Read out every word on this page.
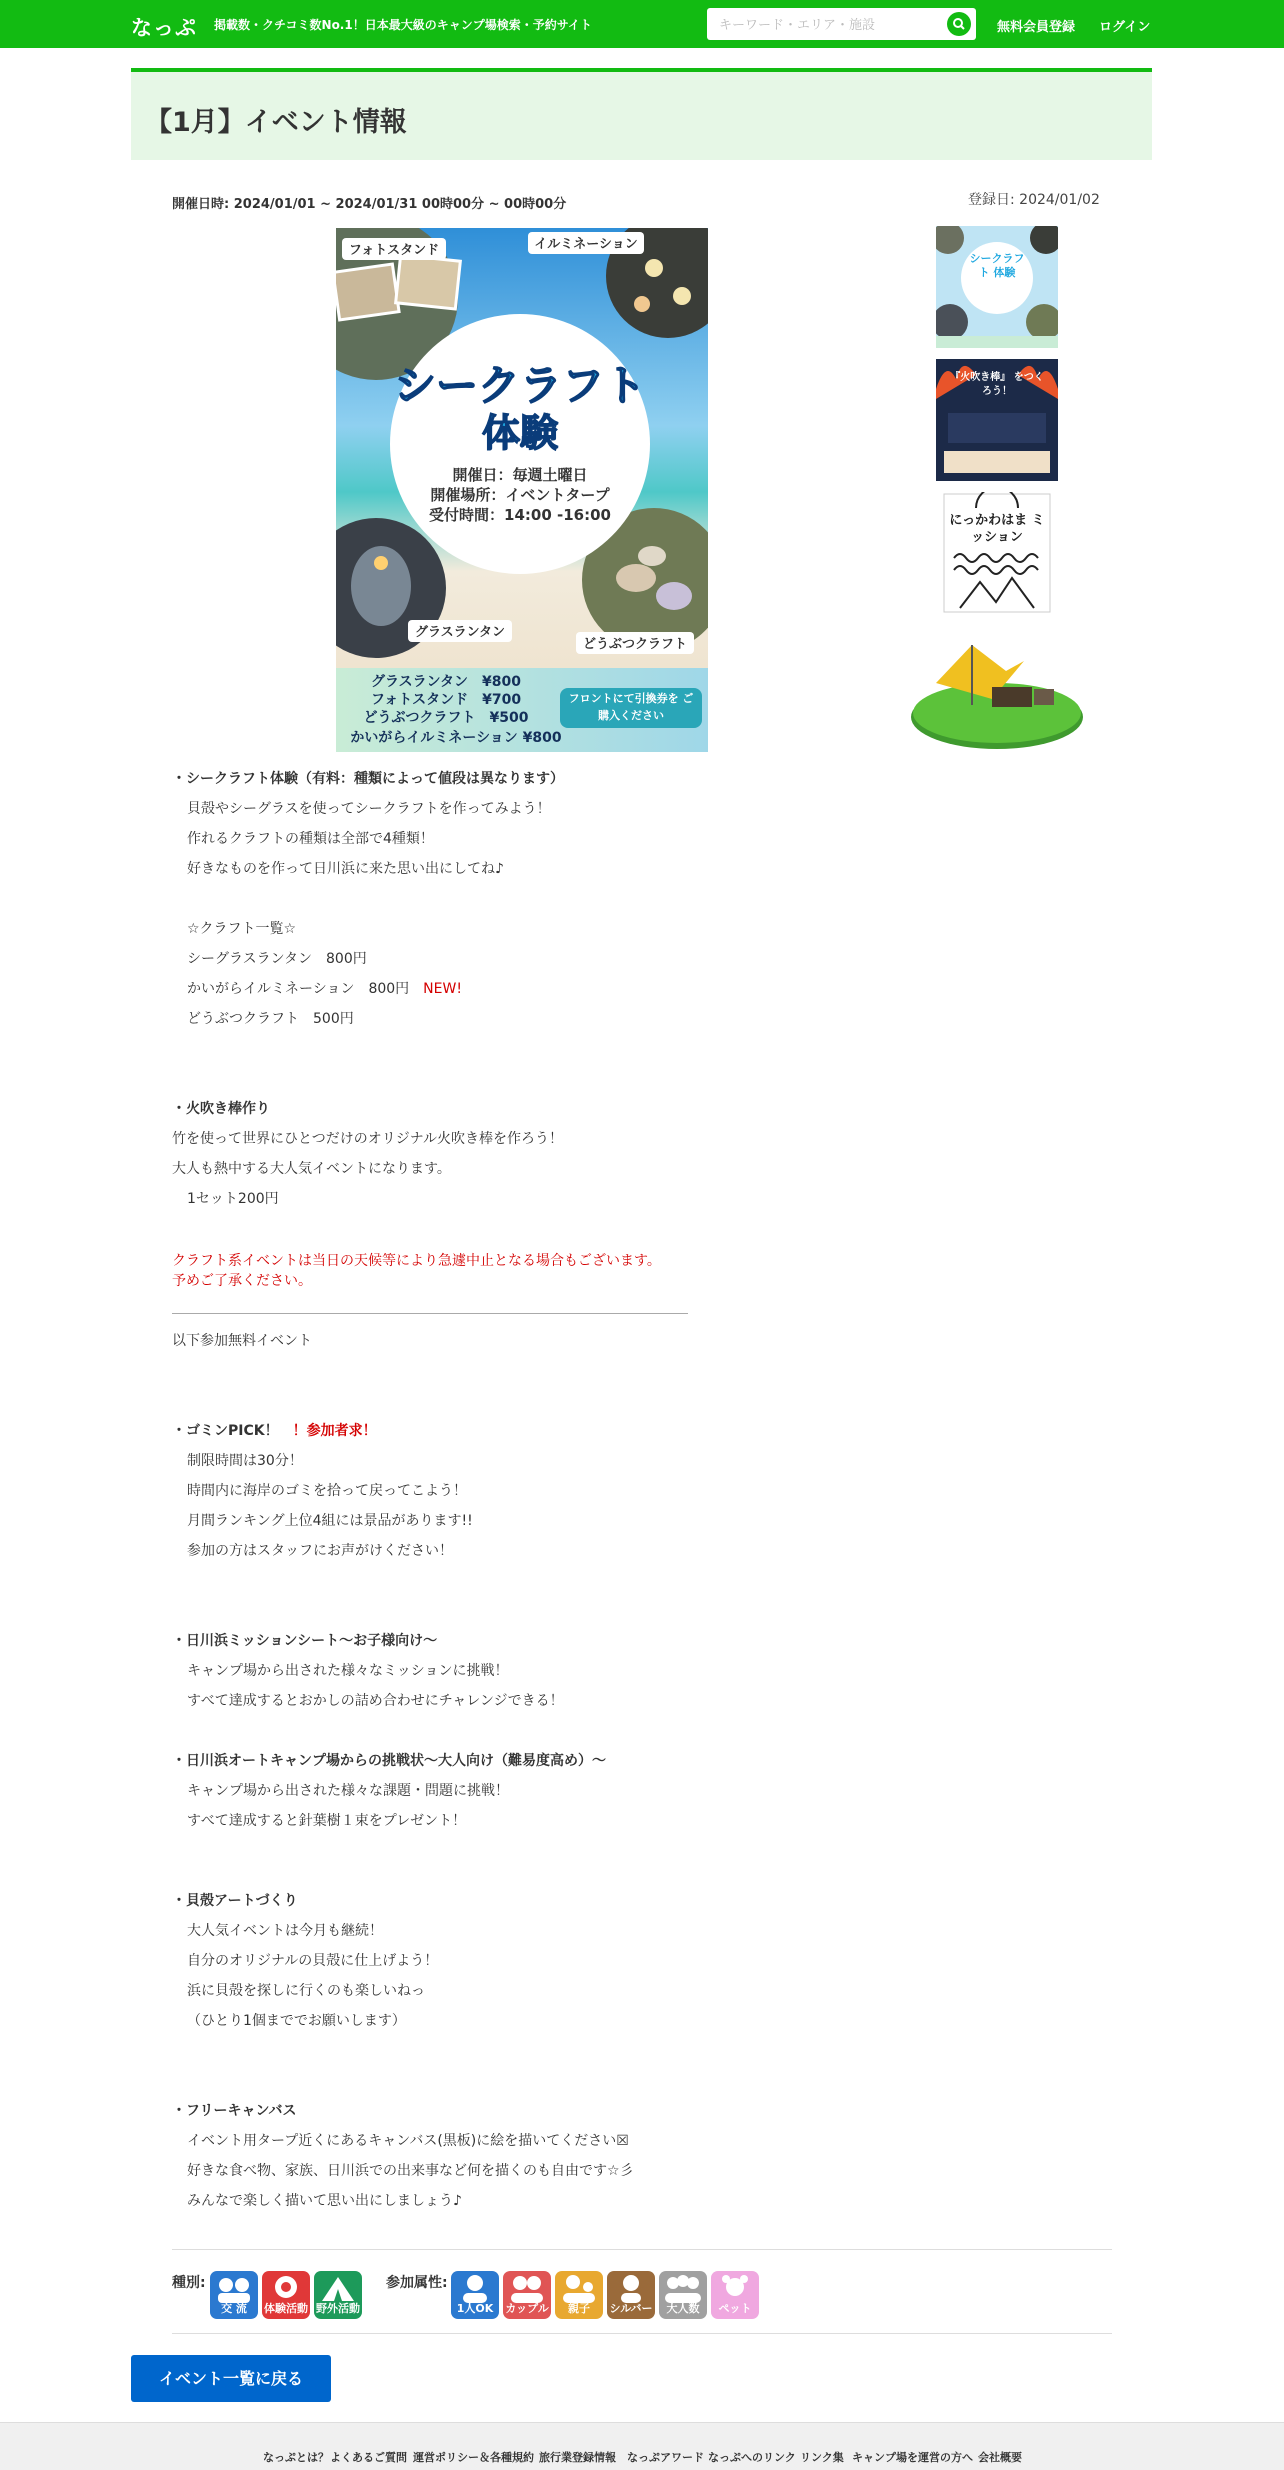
なっぷ 掲載数・クチコミ数No.1！日本最大級のキャンプ場検索・予約サイト
キーワード・エリア・施設	無料会員登録 ログイン
【1月】イベント情報
開催日時: 2024/01/01 ~ 2024/01/31 00時00分 ~ 00時00分	登録日: 2024/01/02
フォトスタンド	イルミネーション
グラスランタン
どうぶつクラフト
シークラフト
体験
開催日：毎週土曜日
開催場所：イベントタープ
受付時間：14:00 -16:00
グラスランタン　¥800
フォトスタンド　¥700
どうぶつクラフト　¥500
かいがらイルミネーション ¥800
フロントにて引換券を ご購入ください
シークラフト 体験
『火吹き棒』 をつくろう！
にっかわはま ミッション
・シークラフト体験（有料：種類によって値段は異なります）
貝殻やシーグラスを使ってシークラフトを作ってみよう！
作れるクラフトの種類は全部で4種類！
好きなものを作って日川浜に来た思い出にしてね♪
☆クラフト一覧☆
シーグラスランタン　800円
かいがらイルミネーション　800円　NEW!
どうぶつクラフト　500円
・火吹き棒作り
竹を使って世界にひとつだけのオリジナル火吹き棒を作ろう！
大人も熱中する大人気イベントになります。
1セット200円
クラフト系イベントは当日の天候等により急遽中止となる場合もございます。
予めご了承ください。
以下参加無料イベント
・ゴミンPICK！　！参加者求！
制限時間は30分！
時間内に海岸のゴミを拾って戻ってこよう！
月間ランキング上位4組には景品があります!!
参加の方はスタッフにお声がけください！
・日川浜ミッションシート～お子様向け～
キャンプ場から出された様々なミッションに挑戦！
すべて達成するとおかしの詰め合わせにチャレンジできる！
・日川浜オートキャンプ場からの挑戦状～大人向け（難易度高め）～
キャンプ場から出された様々な課題・問題に挑戦！
すべて達成すると針葉樹１束をプレゼント！
・貝殻アートづくり
大人気イベントは今月も継続！
自分のオリジナルの貝殻に仕上げよう！
浜に貝殻を探しに行くのも楽しいねっ
（ひとり1個まででお願いします）
・フリーキャンバス
イベント用タープ近くにあるキャンバス(黒板)に絵を描いてください☒
好きな食べ物、家族、日川浜での出来事など何を描くのも自由です☆彡
みんなで楽しく描いて思い出にしましょう♪
種別:
交 流	体験活動 野外活動
参加属性:
1人OK	カップル	親子	シルバー	大人数	ペット
イベント一覧に戻る
なっぷとは？ よくあるご質問 運営ポリシー＆各種規約 旅行業登録情報 なっぷアワード なっぷへのリンク リンク集 キャンプ場を運営の方へ 会社概要
